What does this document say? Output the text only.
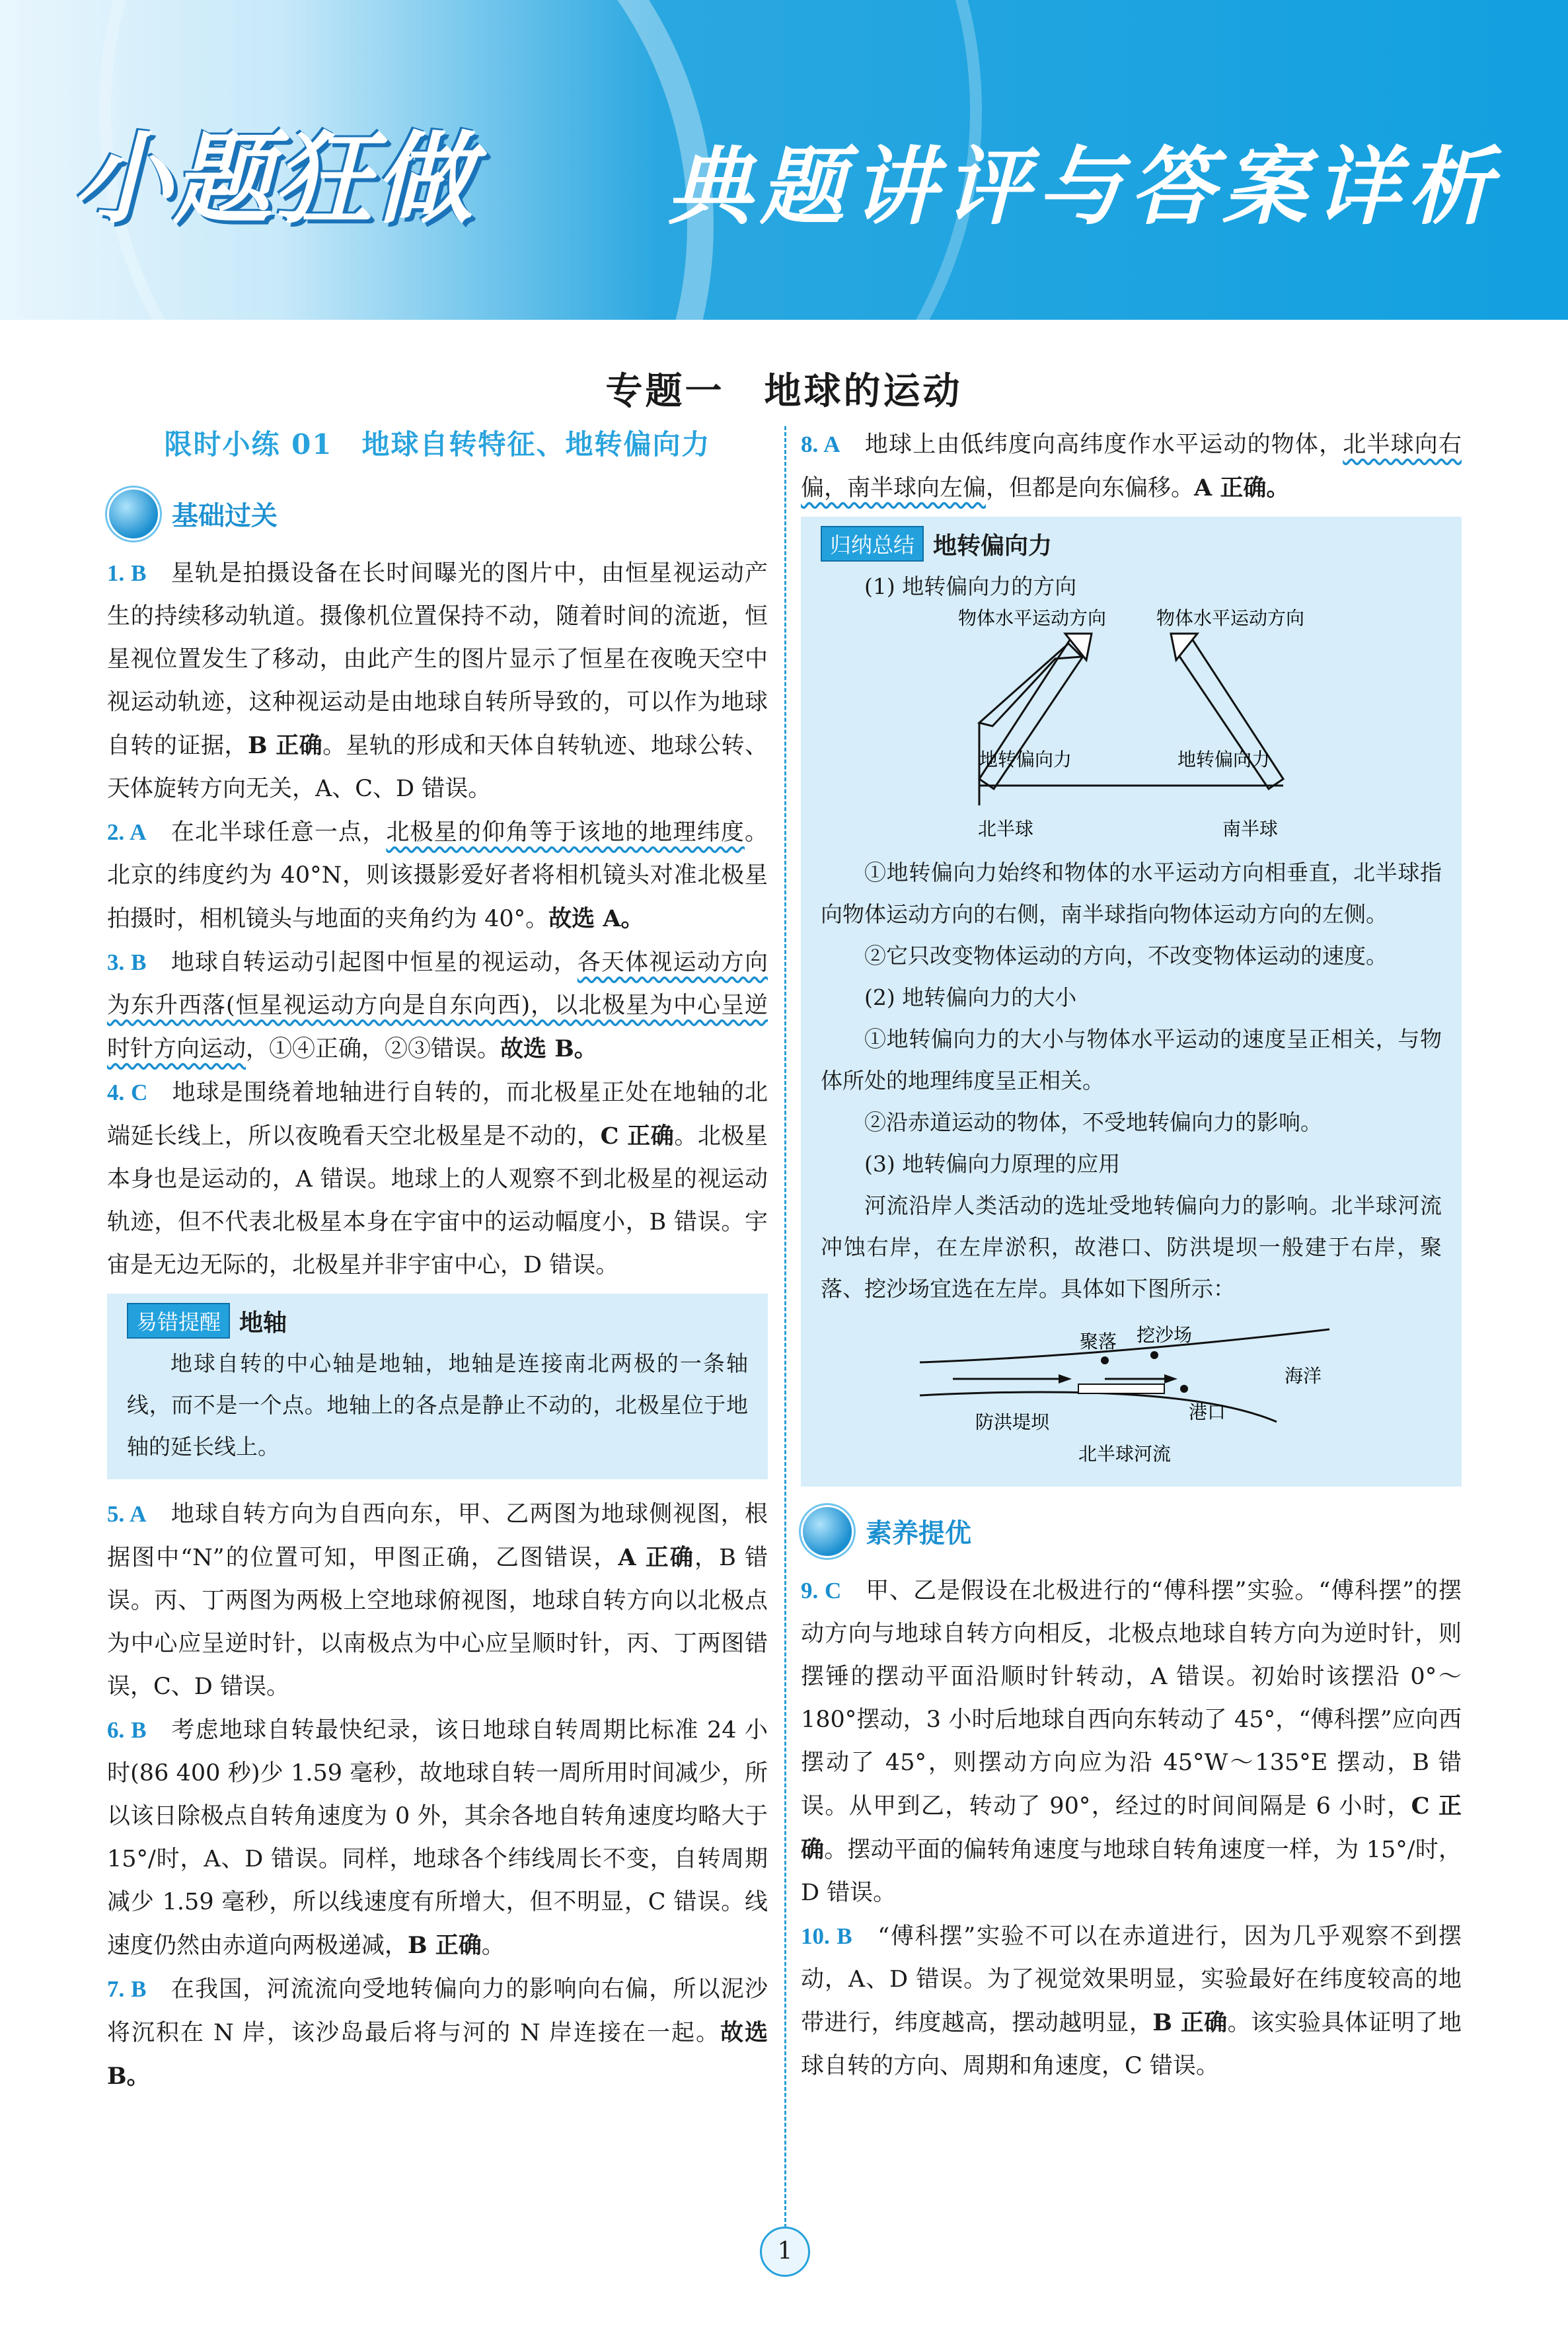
小题狂做 典题讲评与答案详析
专题一　地球的运动

限时小练 01　地球自转特征、地转偏向力

基础过关

1. B　 星轨是拍摄设备在长时间曝光的图片中，由恒星视运动产生的持续移动轨道。摄像机位置保持不动，随着时间的流逝，恒星视位置发生了移动，由此产生的图片显示了恒星在夜晚天空中视运动轨迹，这种视运动是由地球自转所导致的，可以作为地球自转的证据，B 正确。星轨的形成和天体自转轨迹、地球公转、天体旋转方向无关，A、C、D 错误。

2. A　 在北半球任意一点，北极星的仰角等于该地的地理纬度。北京的纬度约为 40°N，则该摄影爱好者将相机镜头对准北极星拍摄时，相机镜头与地面的夹角约为 40°。故选 A。

3. B　 地球自转运动引起图中恒星的视运动，各天体视运动方向为东升西落(恒星视运动方向是自东向西)，以北极星为中心呈逆时针方向运动，①④正确，②③错误。故选 B。

4. C　 地球是围绕着地轴进行自转的，而北极星正处在地轴的北端延长线上，所以夜晚看天空北极星是不动的，C 正确。北极星本身也是运动的，A 错误。地球上的人观察不到北极星的视运动轨迹，但不代表北极星本身在宇宙中的运动幅度小，B 错误。宇宙是无边无际的，北极星并非宇宙中心，D 错误。

易错提醒 地轴

地球自转的中心轴是地轴，地轴是连接南北两极的一条轴线，而不是一个点。地轴上的各点是静止不动的，北极星位于地轴的延长线上。

5. A　 地球自转方向为自西向东，甲、乙两图为地球侧视图，根据图中“N”的位置可知，甲图正确，乙图错误，A 正确，B 错误。丙、丁两图为两极上空地球俯视图，地球自转方向以北极点为中心应呈逆时针，以南极点为中心应呈顺时针，丙、丁两图错误，C、D 错误。

6. B　 考虑地球自转最快纪录，该日地球自转周期比标准 24 小时(86 400 秒)少 1.59 毫秒，故地球自转一周所用时间减少，所以该日除极点自转角速度为 0 外，其余各地自转角速度均略大于 15°/时，A、D 错误。同样，地球各个纬线周长不变，自转周期减少 1.59 毫秒，所以线速度有所增大，但不明显，C 错误。线速度仍然由赤道向两极递减，B 正确。

7. B　 在我国，河流流向受地转偏向力的影响向右偏，所以泥沙将沉积在 N 岸，该沙岛最后将与河的 N 岸连接在一起。故选 B。

8. A　 地球上由低纬度向高纬度作水平运动的物体，北半球向右偏，南半球向左偏，但都是向东偏移。A 正确。

归纳总结 地转偏向力

(1) 地转偏向力的方向

物体水平运动方向	物体水平运动方向
地转偏向力	地转偏向力
北半球	南半球

①地转偏向力始终和物体的水平运动方向相垂直，北半球指向物体运动方向的右侧，南半球指向物体运动方向的左侧。

②它只改变物体运动的方向，不改变物体运动的速度。

(2) 地转偏向力的大小

①地转偏向力的大小与物体水平运动的速度呈正相关，与物体所处的地理纬度呈正相关。

②沿赤道运动的物体，不受地转偏向力的影响。

(3) 地转偏向力原理的应用

河流沿岸人类活动的选址受地转偏向力的影响。北半球河流冲蚀右岸，在左岸淤积，故港口、防洪堤坝一般建于右岸，聚落、挖沙场宜选在左岸。具体如下图所示：

聚落 挖沙场
海洋
防洪堤坝	港口
北半球河流
素养提优

9. C　 甲、乙是假设在北极进行的“傅科摆”实验。“傅科摆”的摆动方向与地球自转方向相反，北极点地球自转方向为逆时针，则摆锤的摆动平面沿顺时针转动，A 错误。初始时该摆沿 0°～180°摆动，3 小时后地球自西向东转动了 45°，“傅科摆”应向西摆动了 45°，则摆动方向应为沿 45°W～135°E 摆动，B 错误。从甲到乙，转动了 90°，经过的时间间隔是 6 小时，C 正确。摆动平面的偏转角速度与地球自转角速度一样，为 15°/时，D 错误。

10. B　 “傅科摆”实验不可以在赤道进行，因为几乎观察不到摆动，A、D 错误。为了视觉效果明显，实验最好在纬度较高的地带进行，纬度越高，摆动越明显，B 正确。该实验具体证明了地球自转的方向、周期和角速度，C 错误。

1
